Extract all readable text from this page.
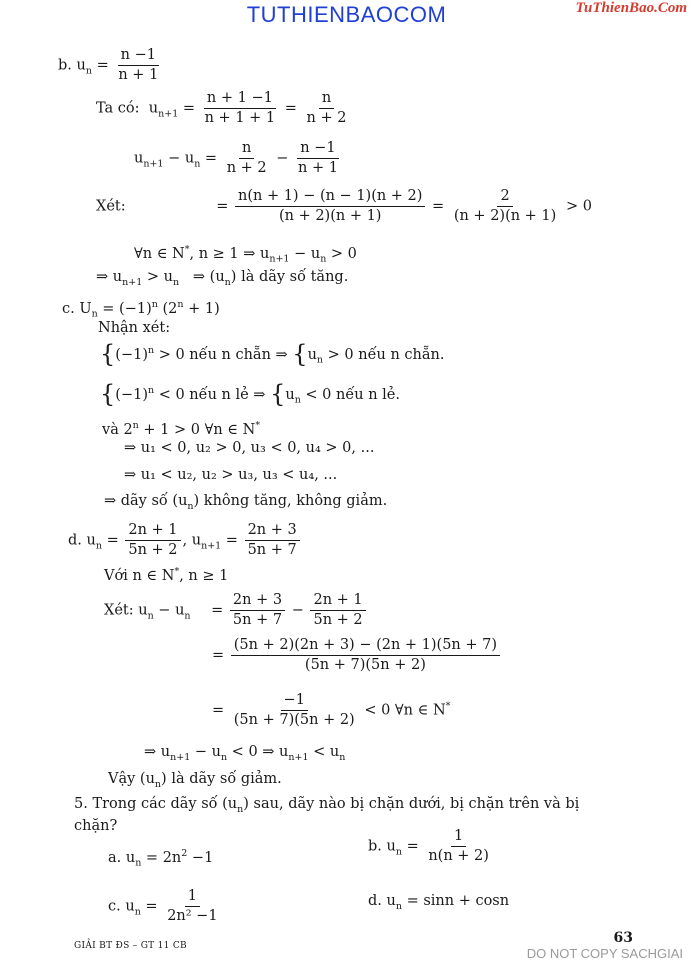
TUTHIENBAOCOM	TuThienBao.Com
b. $u_n = \frac{n -1}{n + 1}$
Ta có: $u_{n+1} = \frac{n + 1 -1}{n + 1 + 1} = \frac{n}{n + 2}$
$u_{n+1} - u_n = \frac{n}{n + 2} - \frac{n -1}{n + 1}$
Xét:	= $\frac{n(n + 1) - (n - 1)(n + 2)}{(n + 2)(n + 1)} = \frac{2}{(n + 2)(n + 1)} > 0$
∀n ∈ N*, n ≥ 1 ⇒ $u_{n+1} - u_n > 0$
⇒ $u_{n+1} > u_n$   ⇒ $(u_n)$ là dãy số tăng.
c. $U_n = (-1)^n$ $(2^n + 1)$
Nhận xét:
{$(-1)^n > 0$ nếu n chẵn ⇒ {$u_n > 0$ nếu n chẵn.
{$(-1)^n < 0$ nếu n lẻ ⇒ {$u_n < 0$ nếu n lẻ.
và $2^n + 1 > 0$ ∀n ∈ N*
⇒ u₁ < 0, u₂ > 0, u₃ < 0, u₄ > 0, ...
⇒ u₁ < u₂, u₂ > u₃, u₃ < u₄, ...
⇒ dãy số $(u_n)$ không tăng, không giảm.
d. $u_n = \frac{2n + 1}{5n + 2}$ , $u_{n+1} = \frac{2n + 3}{5n + 7}$
Với n ∈ N*, n ≥ 1
Xét: $u_n - u_n = \frac{2n + 3}{5n + 7} - \frac{2n + 1}{5n + 2}$
= $\frac{(5n + 2)(2n + 3) - (2n + 1)(5n + 7)}{(5n + 7)(5n + 2)}$
= $\frac{-1}{(5n + 7)(5n + 2)} < 0$ ∀n ∈ N*
⇒ $u_{n+1} - u_n < 0$ ⇒ $u_{n+1} < u_n$
Vậy $(u_n)$ là dãy số giảm.
5. Trong các dãy số $(u_n)$ sau, dãy nào bị chặn dưới, bị chặn trên và bị
chặn?
a. $u_n = 2n^2 -1$
b. $u_n = \frac{1}{n(n + 2)}$
c. $u_n = \frac{1}{\text{2n² −1}}$	d. $u_n = \sin n + \cos n$
63
GIẢI BT ĐS – GT 11 CB	DO NOT COPY SACHGIAI
